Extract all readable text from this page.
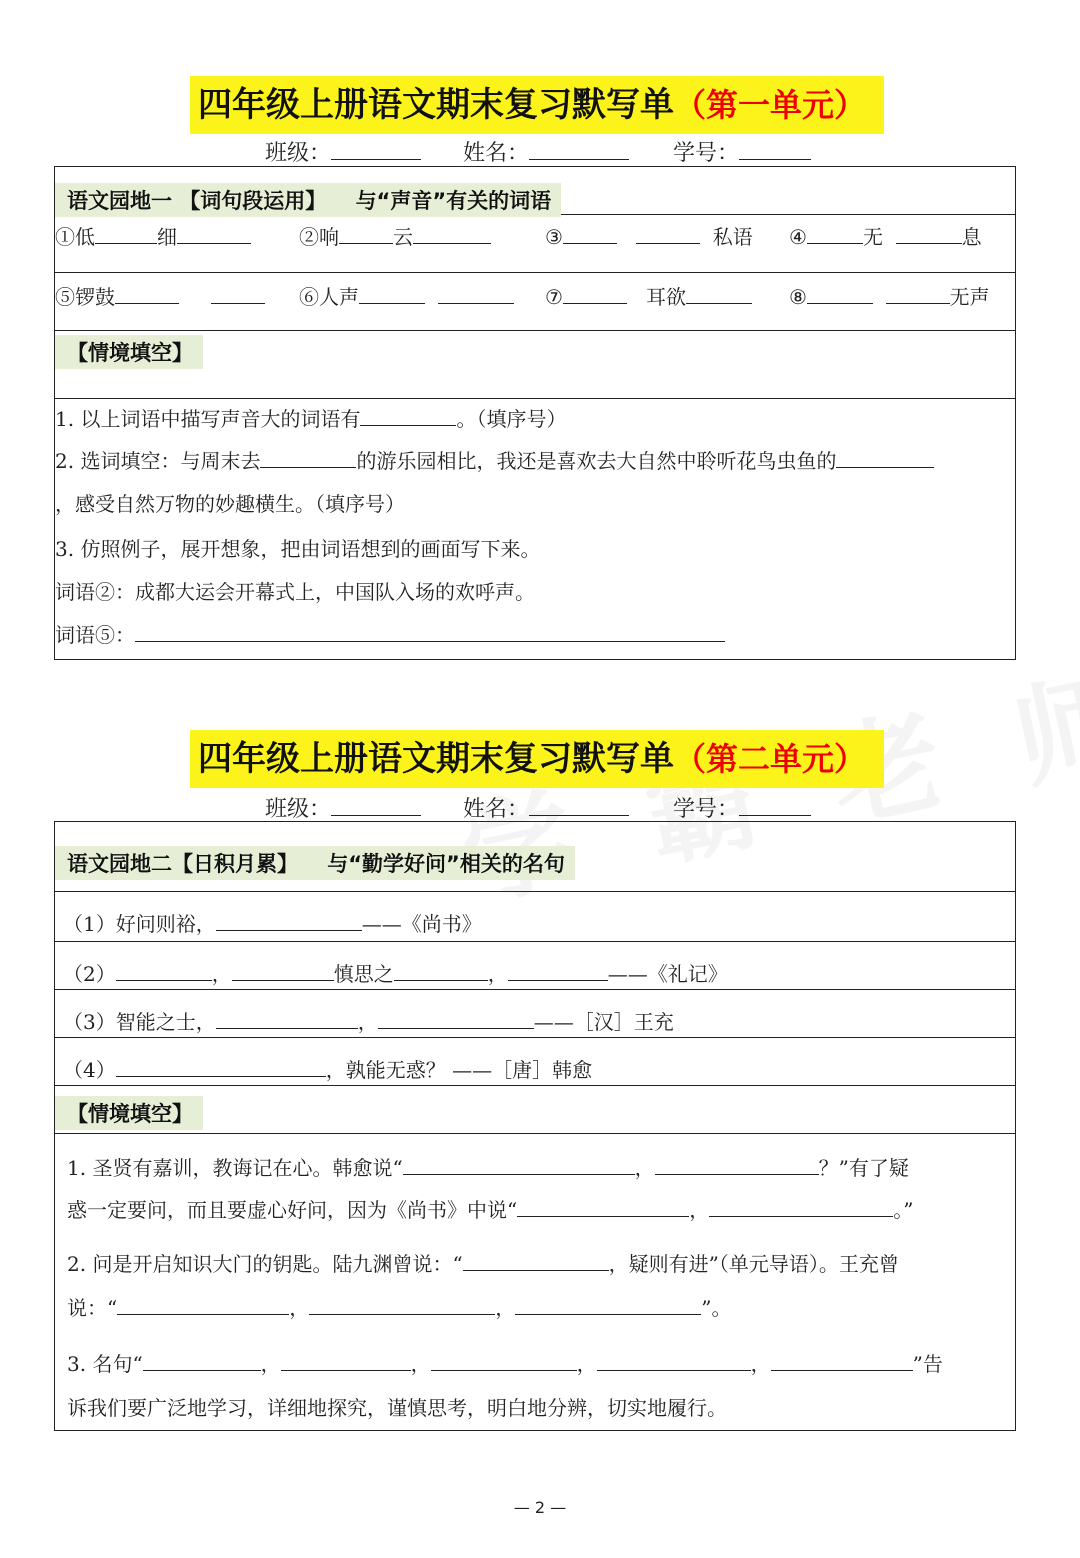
四年级上册语文期末复习默写单（第一单元）
班级：	姓名：	学号：
语文园地一 【词句段运用】 与“声音”有关的词语
①低	细	②响	云	③	私语 ④	无	息
⑤锣鼓	⑥人声	⑦	耳欲	⑧	无声
【情境填空】
1. 以上词语中描写声音大的词语有	。（填序号）
2. 选词填空：与周末去	的游乐园相比，我还是喜欢去大自然中聆听花鸟虫鱼的
，感受自然万物的妙趣横生。（填序号）
3. 仿照例子，展开想象，把由词语想到的画面写下来。
词语②：成都大运会开幕式上，中国队入场的欢呼声。
词语⑤：
四年级上册语文期末复习默写单（第二单元）
班级：	姓名：	学号：
语文园地二【日积月累】 与“勤学好问”相关的名句
（1）好问则裕，	——《尚书》
（2）	，	慎思之	，	——《礼记》
（3）智能之士，	，	——［汉］王充
（4）	，孰能无惑？ ——［唐］韩愈
【情境填空】
1. 圣贤有嘉训，教诲记在心。韩愈说“	，	？”有了疑
惑一定要问，而且要虚心好问，因为《尚书》中说“	，	。”
2. 问是开启知识大门的钥匙。陆九渊曾说：“	，疑则有进”（单元导语）。王充曾
说：“	，	，	”。
3. 名句“	，	，	，	，	”告
诉我们要广泛地学习，详细地探究，谨慎思考，明白地分辨，切实地履行。
— 2 —
